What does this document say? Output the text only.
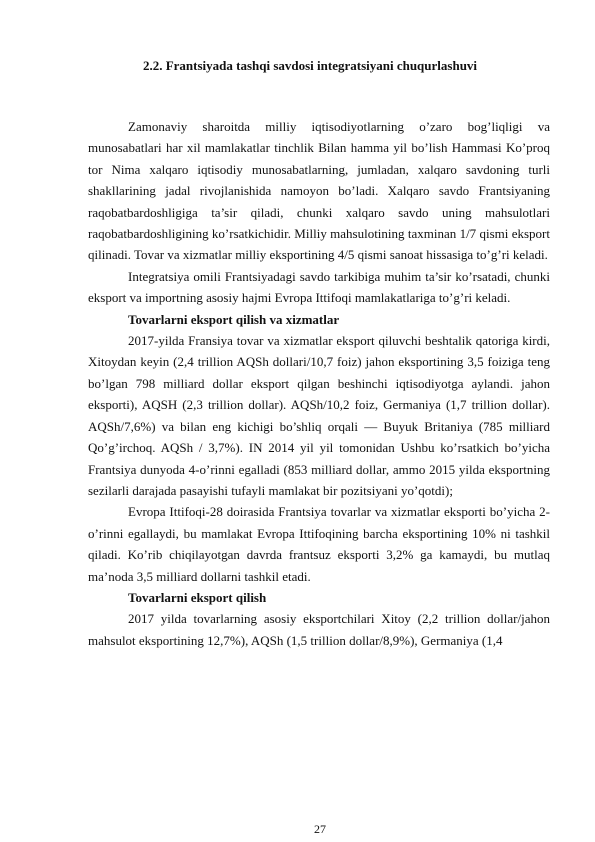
2.2. Frantsiyada tashqi savdosi integratsiyani chuqurlashuvi

Zamonaviy sharoitda milliy iqtisodiyotlarning o’zaro bog’liqligi va munosabatlari har xil mamlakatlar tinchlik Bilan hamma yil bo’lish Hammasi Ko’proq tor Nima xalqaro iqtisodiy munosabatlarning, jumladan, xalqaro savdoning turli shakllarining jadal rivojlanishida namoyon bo’ladi. Xalqaro savdo Frantsiyaning raqobatbardoshligiga ta’sir qiladi, chunki xalqaro savdo uning mahsulotlari raqobatbardoshligining ko’rsatkichidir. Milliy mahsulotining taxminan 1/7 qismi eksport qilinadi. Tovar va xizmatlar milliy eksportining 4/5 qismi sanoat hissasiga to’g’ri keladi.

Integratsiya omili Frantsiyadagi savdo tarkibiga muhim ta’sir ko’rsatadi, chunki eksport va importning asosiy hajmi Evropa Ittifoqi mamlakatlariga to’g’ri keladi.

Tovarlarni eksport qilish va xizmatlar

2017-yilda Fransiya tovar va xizmatlar eksport qiluvchi beshtalik qatoriga kirdi, Xitoydan keyin (2,4 trillion AQSh dollari/10,7 foiz) jahon eksportining 3,5 foiziga teng bo’lgan 798 milliard dollar eksport qilgan beshinchi iqtisodiyotga aylandi. jahon eksporti), AQSH (2,3 trillion dollar). AQSh/10,2 foiz, Germaniya (1,7 trillion dollar). AQSh/7,6%) va bilan eng kichigi bo’shliq orqali — Buyuk Britaniya (785 milliard Qo’g’irchoq. AQSh / 3,7%). IN 2014 yil yil tomonidan Ushbu ko’rsatkich bo’yicha Frantsiya dunyoda 4-o’rinni egalladi (853 milliard dollar, ammo 2015 yilda eksportning sezilarli darajada pasayishi tufayli mamlakat bir pozitsiyani yo’qotdi);

Evropa Ittifoqi-28 doirasida Frantsiya tovarlar va xizmatlar eksporti bo’yicha 2-o’rinni egallaydi, bu mamlakat Evropa Ittifoqining barcha eksportining 10% ni tashkil qiladi. Ko’rib chiqilayotgan davrda frantsuz eksporti 3,2% ga kamaydi, bu mutlaq ma’noda 3,5 milliard dollarni tashkil etadi.

Tovarlarni eksport qilish

2017 yilda tovarlarning asosiy eksportchilari Xitoy (2,2 trillion dollar/jahon mahsulot eksportining 12,7%), AQSh (1,5 trillion dollar/8,9%), Germaniya (1,4

27
